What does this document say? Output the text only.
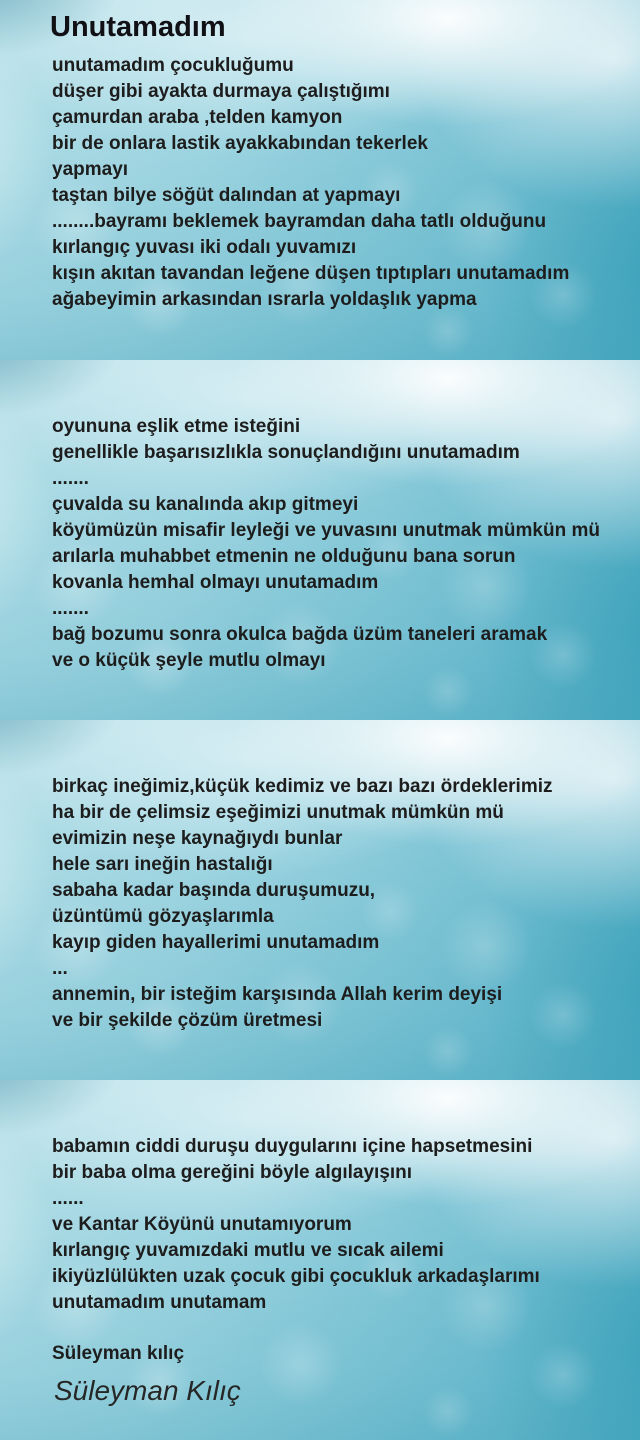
Unutamadım
unutamadım çocukluğumu
düşer gibi ayakta durmaya çalıştığımı
çamurdan araba ,telden kamyon
bir de onlara lastik ayakkabından tekerlek
yapmayı
taştan bilye söğüt dalından at yapmayı
........bayramı beklemek bayramdan daha tatlı olduğunu
kırlangıç yuvası iki odalı yuvamızı
kışın akıtan tavandan leğene düşen tıptıpları unutamadım
ağabeyimin arkasından ısrarla yoldaşlık yapma
oyununa eşlik etme isteğini
genellikle başarısızlıkla sonuçlandığını unutamadım
.......
çuvalda su kanalında akıp gitmeyi
köyümüzün misafir leyleği ve yuvasını unutmak mümkün mü
arılarla muhabbet etmenin ne olduğunu bana sorun
kovanla hemhal olmayı unutamadım
.......
bağ bozumu sonra okulca bağda üzüm taneleri aramak
ve o küçük şeyle mutlu olmayı
birkaç ineğimiz,küçük kedimiz ve bazı bazı ördeklerimiz
ha bir de çelimsiz eşeğimizi unutmak mümkün mü
evimizin neşe kaynağıydı bunlar
hele sarı ineğin hastalığı
sabaha kadar başında duruşumuzu,
üzüntümü gözyaşlarımla
kayıp giden hayallerimi unutamadım
...
annemin, bir isteğim karşısında Allah kerim deyişi
ve bir şekilde çözüm üretmesi
babamın ciddi duruşu duygularını içine hapsetmesini
bir baba olma gereğini böyle algılayışını
......
ve Kantar Köyünü unutamıyorum
kırlangıç yuvamızdaki mutlu ve sıcak ailemi
ikiyüzlülükten uzak çocuk gibi çocukluk arkadaşlarımı
unutamadım unutamam
Süleyman kılıç
Süleyman Kılıç
